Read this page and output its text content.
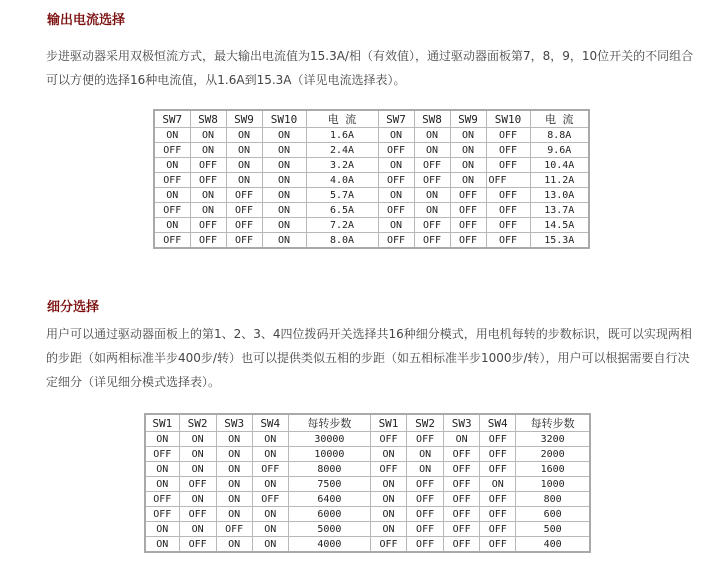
输出电流选择
步进驱动器采用双极恒流方式，最大输出电流值为15.3A/相（有效值），通过驱动器面板第7，8，9，10位开关的不同组合
可以方便的选择16种电流值，从1.6A到15.3A（详见电流选择表）。
SW7	SW8	SW9	SW10	电 流	SW7	SW8	SW9	SW10	电 流
ON	ON	ON	ON	1.6A	ON	ON	ON	OFF	8.8A
OFF	ON	ON	ON	2.4A	OFF	ON	ON	OFF	9.6A
ON	OFF	ON	ON	3.2A	ON	OFF	ON	OFF	10.4A
OFF	OFF	ON	ON	4.0A	OFF	OFF	ON	OFF	11.2A
ON	ON	OFF	ON	5.7A	ON	ON	OFF	OFF	13.0A
OFF	ON	OFF	ON	6.5A	OFF	ON	OFF	OFF	13.7A
ON	OFF	OFF	ON	7.2A	ON	OFF	OFF	OFF	14.5A
OFF	OFF	OFF	ON	8.0A	OFF	OFF	OFF	OFF	15.3A
细分选择
用户可以通过驱动器面板上的第1、2、3、4四位拨码开关选择共16种细分模式，用电机每转的步数标识，既可以实现两相
的步距（如两相标准半步400步/转）也可以提供类似五相的步距（如五相标准半步1000步/转），用户可以根据需要自行决
定细分（详见细分模式选择表）。
SW1	SW2	SW3	SW4	每转步数	SW1	SW2	SW3	SW4	每转步数
ON	ON	ON	ON	30000	OFF	OFF	ON	OFF	3200
OFF	ON	ON	ON	10000	ON	ON	OFF	OFF	2000
ON	ON	ON	OFF	8000	OFF	ON	OFF	OFF	1600
ON	OFF	ON	ON	7500	ON	OFF	OFF	ON	1000
OFF	ON	ON	OFF	6400	ON	OFF	OFF	OFF	800
OFF	OFF	ON	ON	6000	ON	OFF	OFF	OFF	600
ON	ON	OFF	ON	5000	ON	OFF	OFF	OFF	500
ON	OFF	ON	ON	4000	OFF	OFF	OFF	OFF	400
